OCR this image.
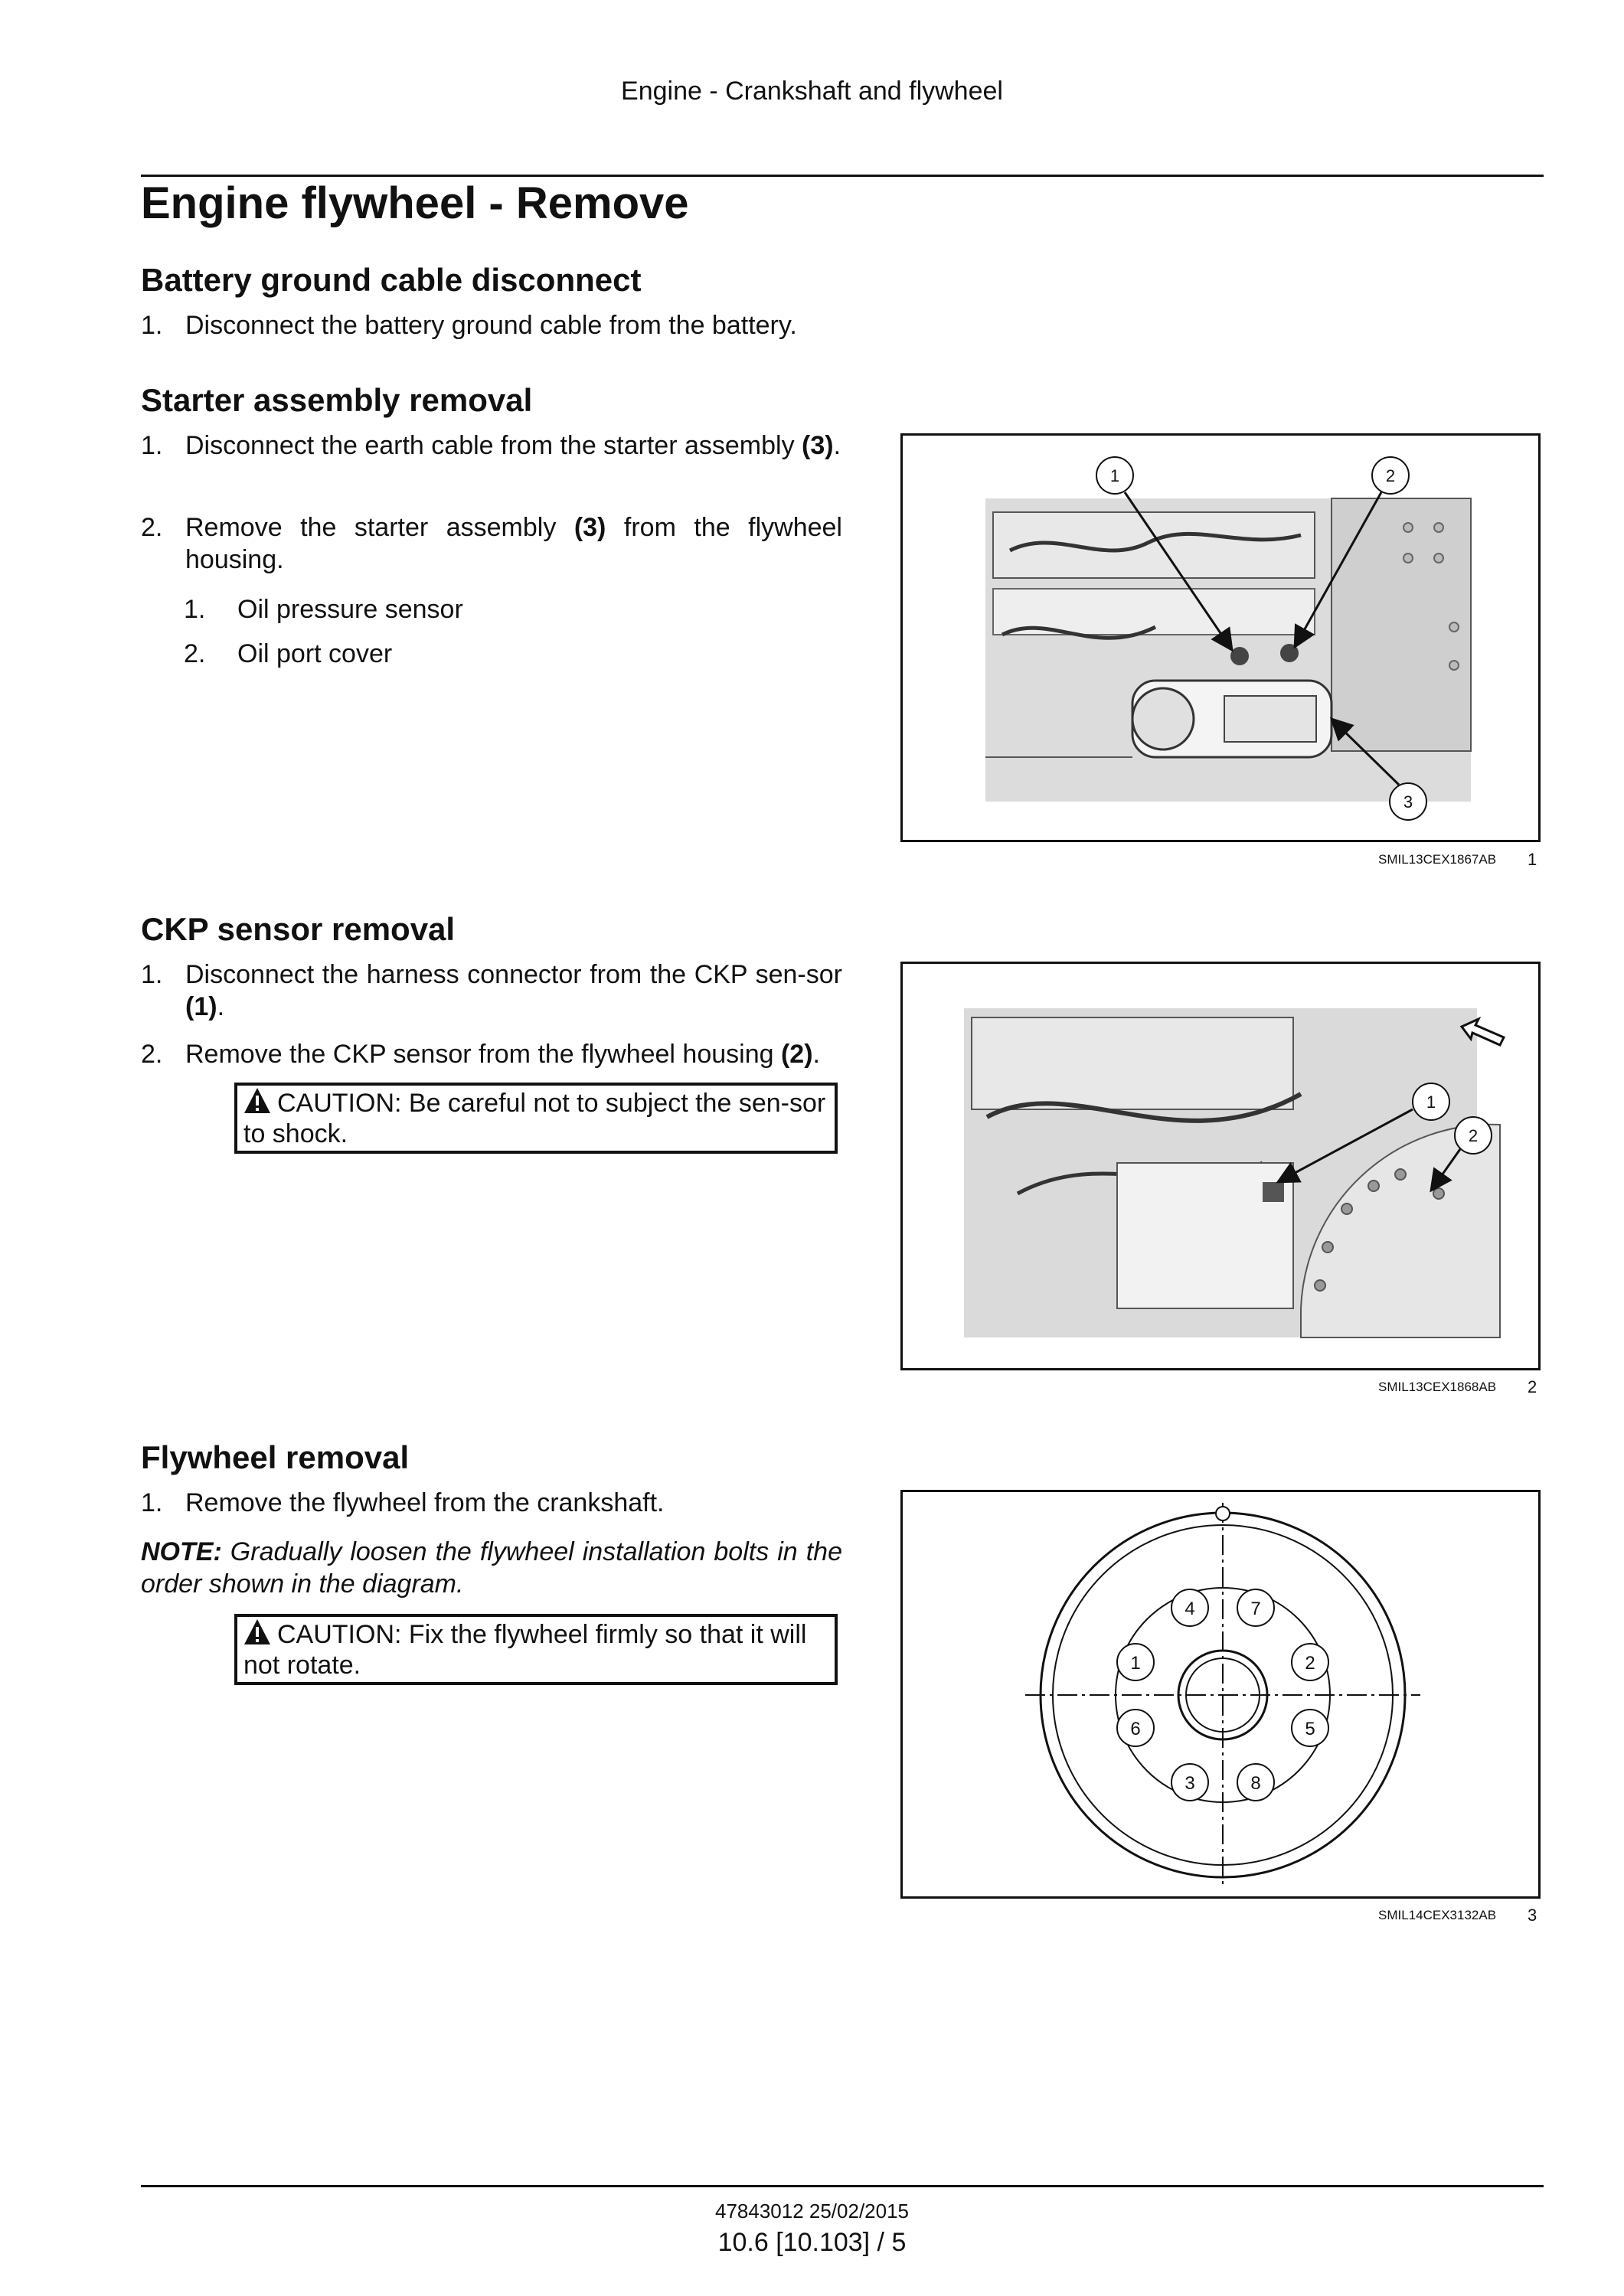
Engine - Crankshaft and flywheel
Engine flywheel - Remove
Battery ground cable disconnect
1. Disconnect the battery ground cable from the battery.
Starter assembly removal
1. Disconnect the earth cable from the starter assembly (3).
2. Remove the starter assembly (3) from the flywheel housing.
1. Oil pressure sensor
2. Oil port cover
1	2
3
SMIL13CEX1867AB 1
CKP sensor removal
1. Disconnect the harness connector from the CKP sen-sor (1).
2. Remove the CKP sensor from the flywheel housing (2).
CAUTION: Be careful not to subject the sen-sor to shock.
1
2
SMIL13CEX1868AB 2
Flywheel removal
1. Remove the flywheel from the crankshaft.
NOTE: Gradually loosen the flywheel installation bolts in the order shown in the diagram.
CAUTION: Fix the flywheel firmly so that it will not rotate.
4	7
1	2
6	5
3	8
SMIL14CEX3132AB 3
47843012 25/02/2015
10.6 [10.103] / 5
